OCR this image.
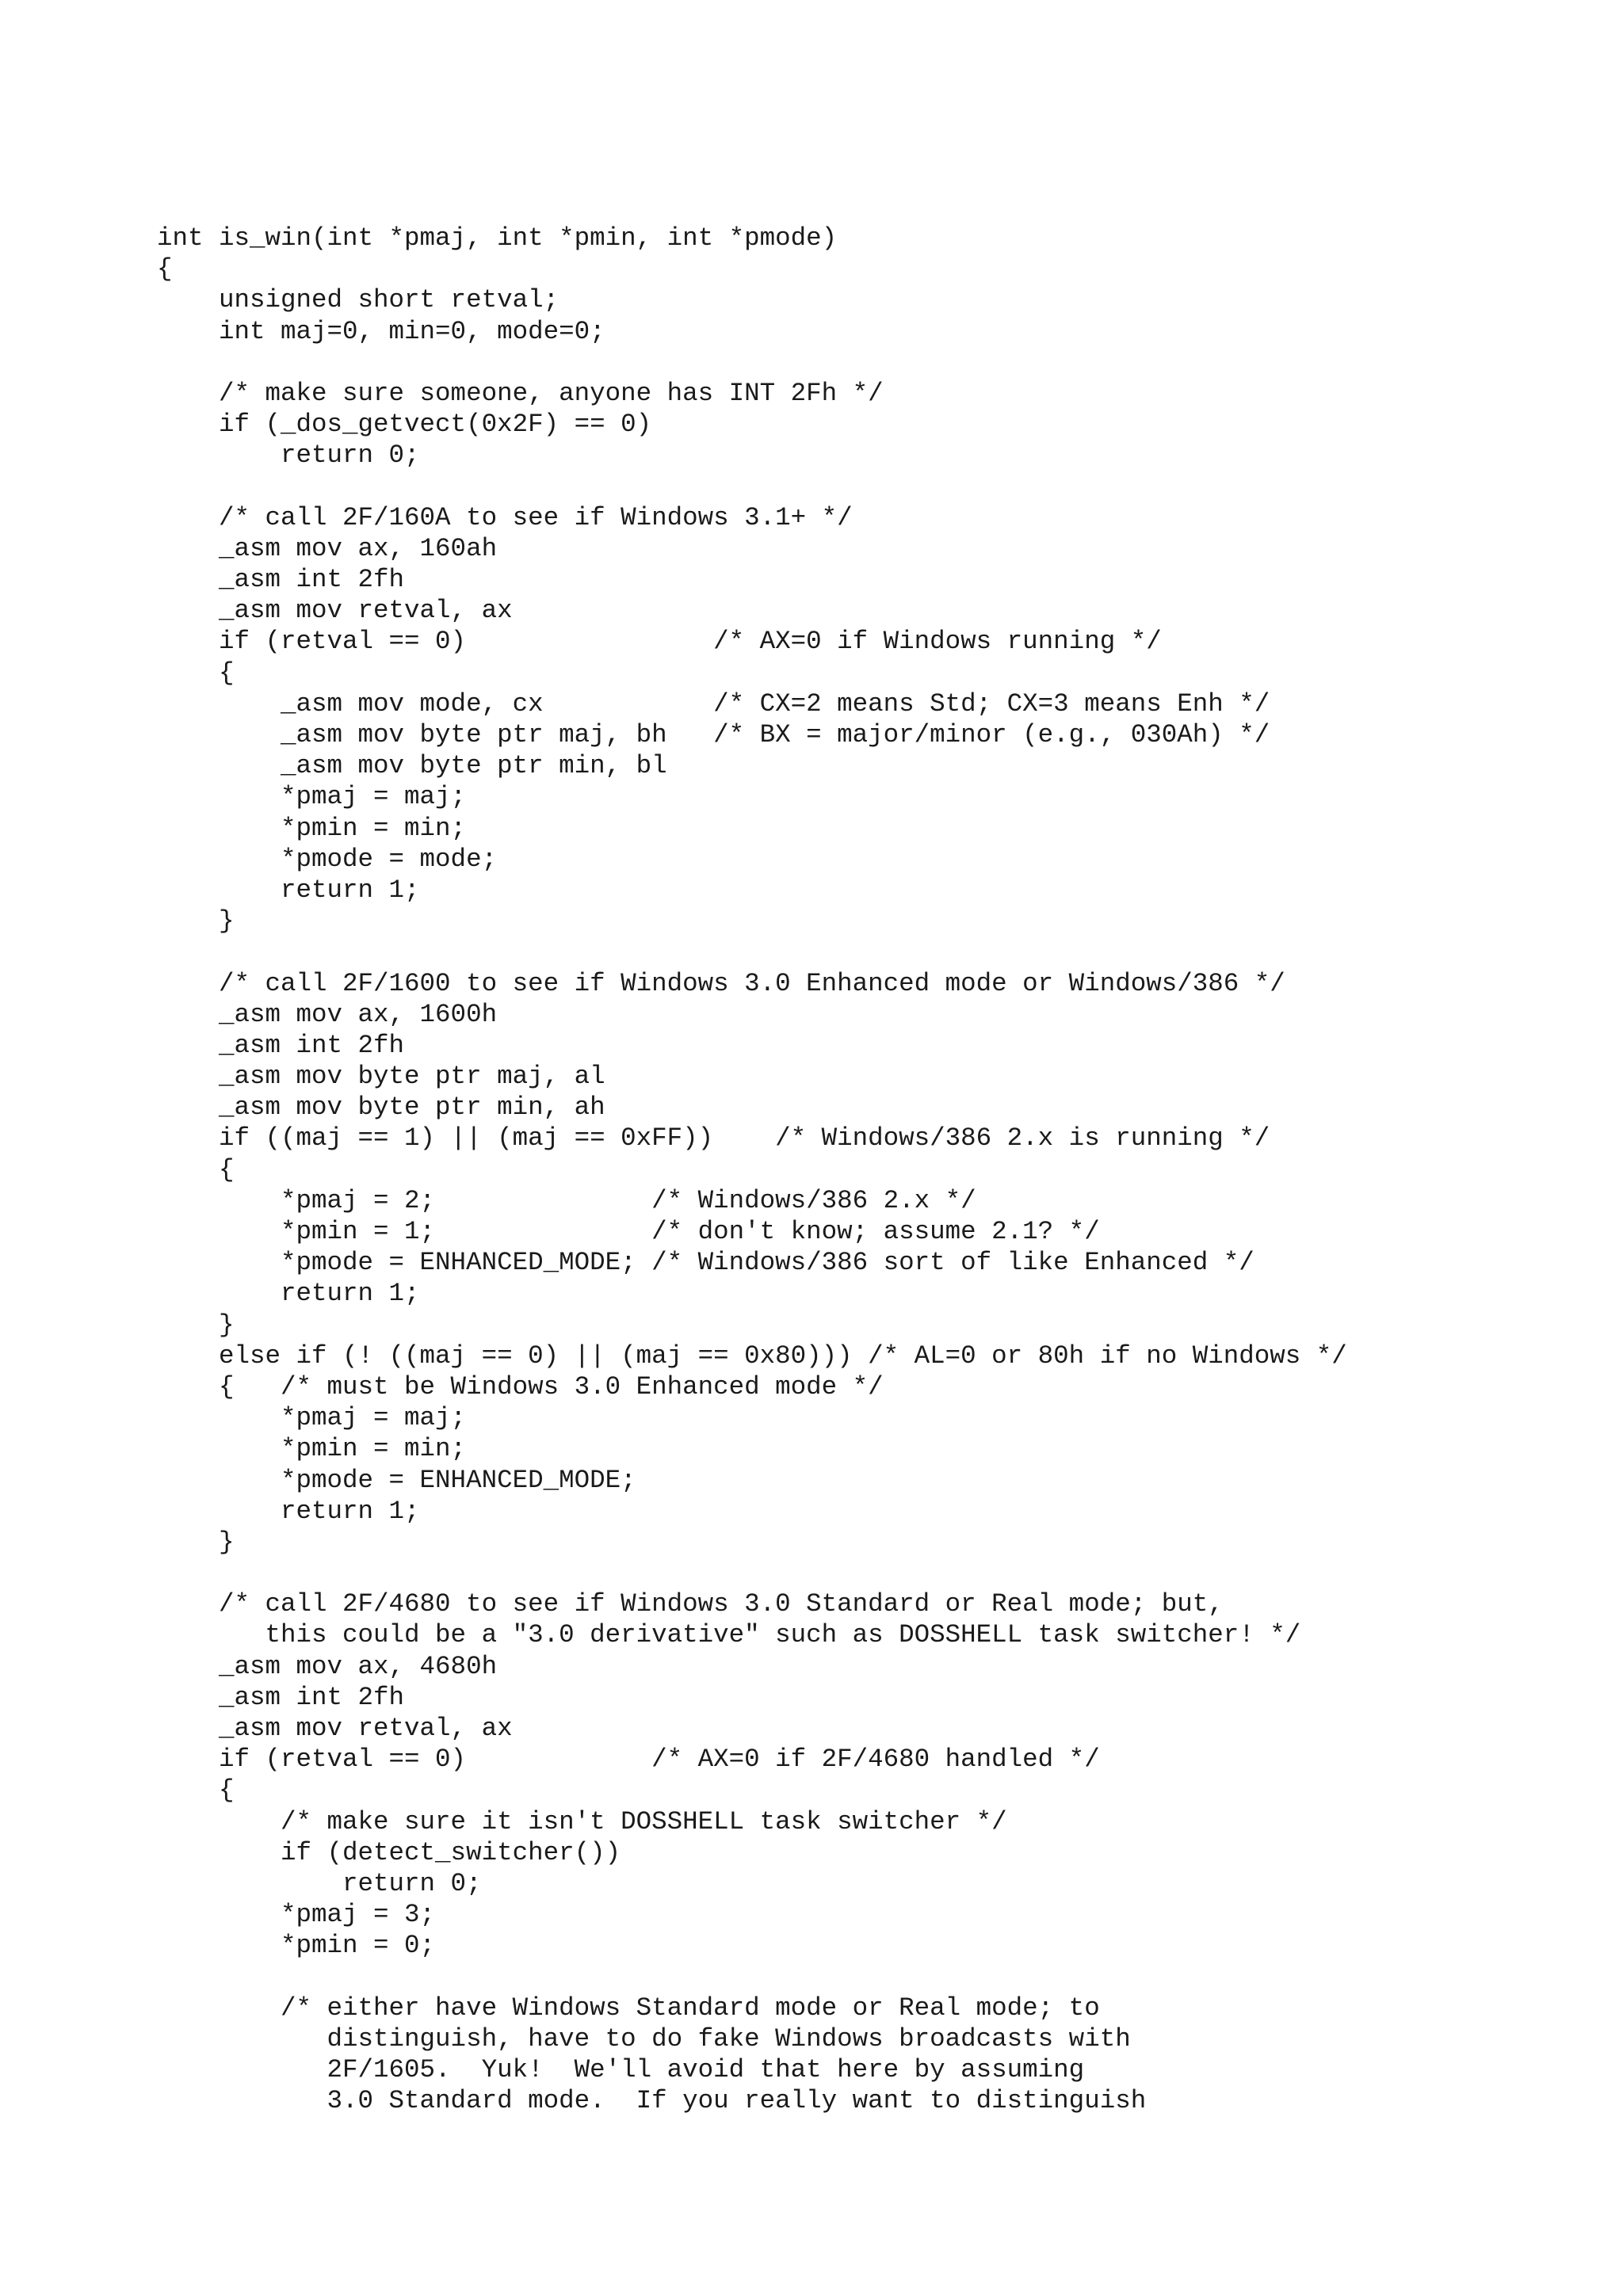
int is_win(int *pmaj, int *pmin, int *pmode)
{
unsigned short retval;
int maj=0, min=0, mode=0;
/* make sure someone, anyone has INT 2Fh */
if (_dos_getvect(0x2F) == 0)
return 0;
/* call 2F/160A to see if Windows 3.1+ */
_asm mov ax, 160ah
_asm int 2fh
_asm mov retval, ax
if (retval == 0)                /* AX=0 if Windows running */
{
_asm mov mode, cx           /* CX=2 means Std; CX=3 means Enh */
_asm mov byte ptr maj, bh   /* BX = major/minor (e.g., 030Ah) */
_asm mov byte ptr min, bl
*pmaj = maj;
*pmin = min;
*pmode = mode;
return 1;
}
/* call 2F/1600 to see if Windows 3.0 Enhanced mode or Windows/386 */
_asm mov ax, 1600h
_asm int 2fh
_asm mov byte ptr maj, al
_asm mov byte ptr min, ah
if ((maj == 1) || (maj == 0xFF))    /* Windows/386 2.x is running */
{
*pmaj = 2;              /* Windows/386 2.x */
*pmin = 1;              /* don't know; assume 2.1? */
*pmode = ENHANCED_MODE; /* Windows/386 sort of like Enhanced */
return 1;
}
else if (! ((maj == 0) || (maj == 0x80))) /* AL=0 or 80h if no Windows */
{   /* must be Windows 3.0 Enhanced mode */
*pmaj = maj;
*pmin = min;
*pmode = ENHANCED_MODE;
return 1;
}
/* call 2F/4680 to see if Windows 3.0 Standard or Real mode; but,
this could be a "3.0 derivative" such as DOSSHELL task switcher! */
_asm mov ax, 4680h
_asm int 2fh
_asm mov retval, ax
if (retval == 0)            /* AX=0 if 2F/4680 handled */
{
/* make sure it isn't DOSSHELL task switcher */
if (detect_switcher())
return 0;
*pmaj = 3;
*pmin = 0;
/* either have Windows Standard mode or Real mode; to
distinguish, have to do fake Windows broadcasts with
2F/1605.  Yuk!  We'll avoid that here by assuming
3.0 Standard mode.  If you really want to distinguish
